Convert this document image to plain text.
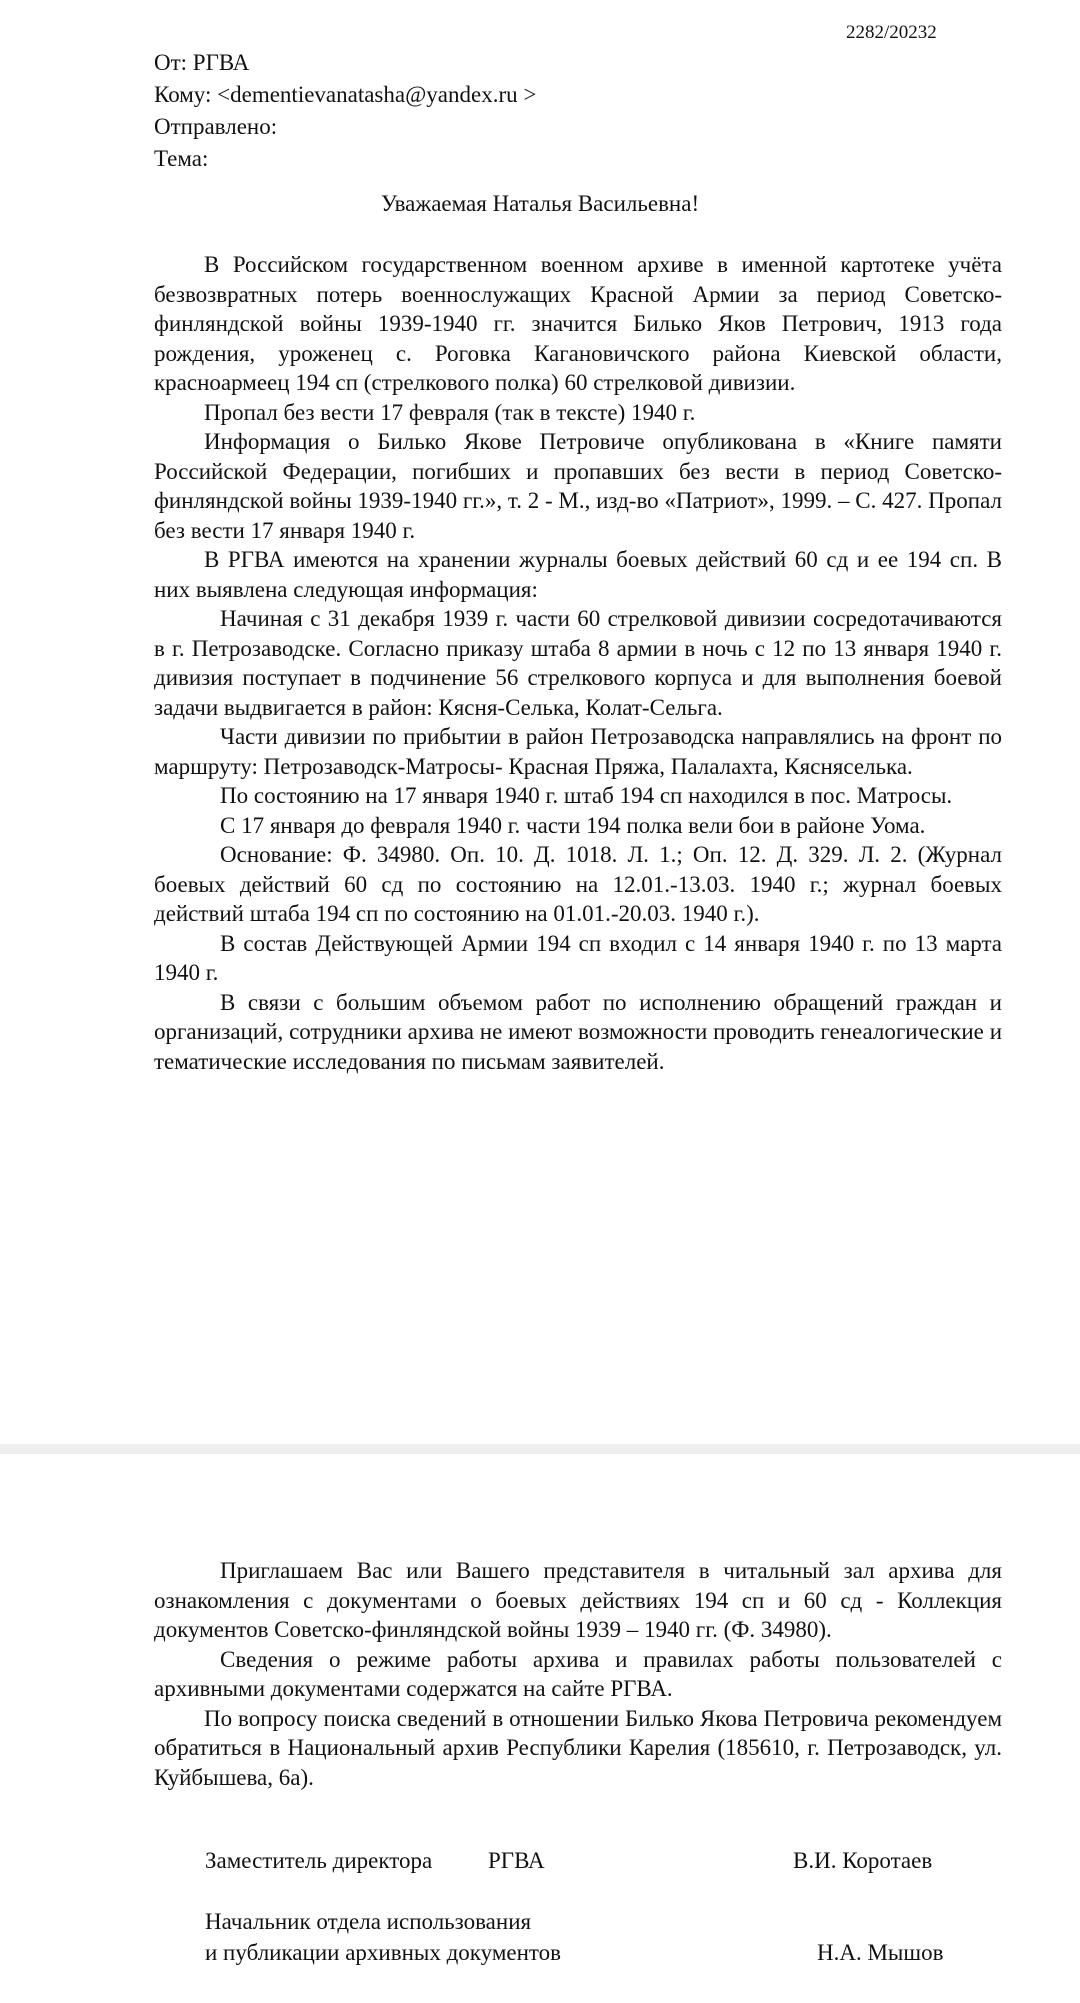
2282/20232
От: РГВА
Кому: <dementievanatasha@yandex.ru >
Отправлено:
Тема:
Уважаемая Наталья Васильевна!

В Российском государственном военном архиве в именной картотеке учёта безвозвратных потерь военнослужащих Красной Армии за период Советско-финляндской войны 1939-1940 гг. значится Билько Яков Петрович, 1913 года рождения, уроженец с. Роговка Кагановичского района Киевской области, красноармеец 194 сп (стрелкового полка) 60 стрелковой дивизии.

Пропал без вести 17 февраля (так в тексте) 1940 г.

Информация о Билько Якове Петровиче опубликована в «Книге памяти Российской Федерации, погибших и пропавших без вести в период Советско-финляндской войны 1939-1940 гг.», т. 2 - М., изд-во «Патриот», 1999. – С. 427. Пропал без вести 17 января 1940 г.

В РГВА имеются на хранении журналы боевых действий 60 сд и ее 194 сп. В них выявлена следующая информация:

Начиная с 31 декабря 1939 г. части 60 стрелковой дивизии сосредотачиваются в г. Петрозаводске. Согласно приказу штаба 8 армии в ночь с 12 по 13 января 1940 г. дивизия поступает в подчинение 56 стрелкового корпуса и для выполнения боевой задачи выдвигается в район: Кясня-Селька, Колат-Сельга.

Части дивизии по прибытии в район Петрозаводска направлялись на фронт по маршруту: Петрозаводск-Матросы- Красная Пряжа, Палалахта, Кясняселька.

По состоянию на 17 января 1940 г. штаб 194 сп находился в пос. Матросы.

С 17 января до февраля 1940 г. части 194 полка вели бои в районе Уома.

Основание: Ф. 34980. Оп. 10. Д. 1018. Л. 1.; Оп. 12. Д. 329. Л. 2. (Журнал боевых действий 60 сд по состоянию на 12.01.-13.03. 1940 г.; журнал боевых действий штаба 194 сп по состоянию на 01.01.-20.03. 1940 г.).

В состав Действующей Армии 194 сп входил с 14 января 1940 г. по 13 марта 1940 г.

В связи с большим объемом работ по исполнению обращений граждан и организаций, сотрудники архива не имеют возможности проводить генеалогические и тематические исследования по письмам заявителей.

Приглашаем Вас или Вашего представителя в читальный зал архива для ознакомления с документами о боевых действиях 194 сп и 60 сд - Коллекция документов Советско-финляндской войны 1939 – 1940 гг. (Ф. 34980).

Сведения о режиме работы архива и правилах работы пользователей с архивными документами содержатся на сайте РГВА.

По вопросу поиска сведений в отношении Билько Якова Петровича рекомендуем обратиться в Национальный архив Республики Карелия (185610, г. Петрозаводск, ул. Куйбышева, 6а).

Заместитель директора РГВА	В.И. Коротаев
Начальник отдела использования
и публикации архивных документов	Н.А. Мышов
